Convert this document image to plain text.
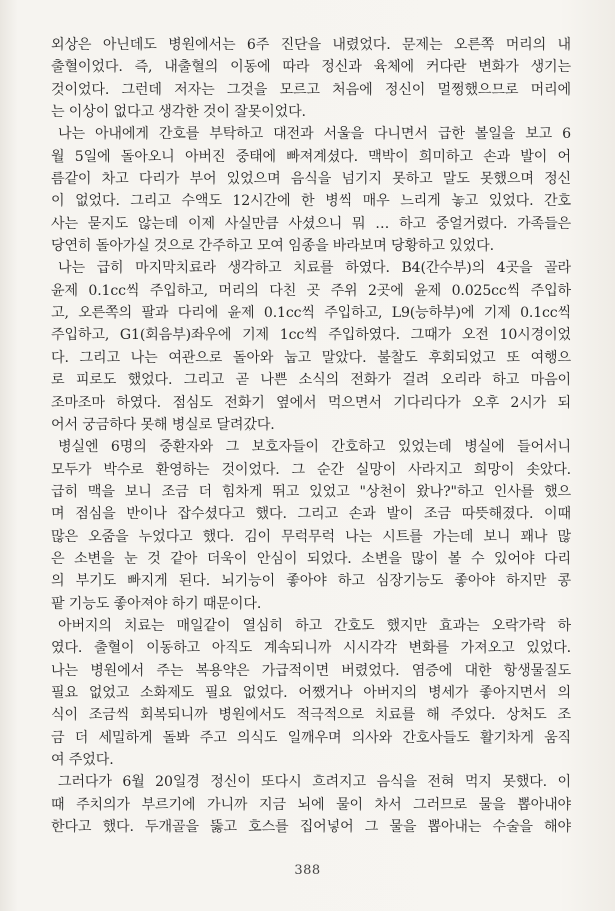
외상은 아닌데도 병원에서는 6주 진단을 내렸었다. 문제는 오른쪽 머리의 내
출혈이었다. 즉, 내출혈의 이동에 따라 정신과 육체에 커다란 변화가 생기는
것이었다. 그런데 저자는 그것을 모르고 처음에 정신이 멀쩡했으므로 머리에
는 이상이 없다고 생각한 것이 잘못이었다.
나는 아내에게 간호를 부탁하고 대전과 서울을 다니면서 급한 볼일을 보고 6
월 5일에 돌아오니 아버진 중태에 빠져계셨다. 맥박이 희미하고 손과 발이 어
름같이 차고 다리가 부어 있었으며 음식을 넘기지 못하고 말도 못했으며 정신
이 없었다. 그리고 수액도 12시간에 한 병씩 매우 느리게 놓고 있었다. 간호
사는 묻지도 않는데 이제 사실만큼 사셨으니 뭐 … 하고 중얼거렸다. 가족들은
당연히 돌아가실 것으로 간주하고 모여 임종을 바라보며 당황하고 있었다.
나는 급히 마지막치료라 생각하고 치료를 하였다. B4(간수부)의 4곳을 골라
윤제 0.1cc씩 주입하고, 머리의 다친 곳 주위 2곳에 윤제 0.025cc씩 주입하
고, 오른쪽의 팔과 다리에 윤제 0.1cc씩 주입하고, L9(능하부)에 기제 0.1cc씩
주입하고, G1(회음부)좌우에 기제 1cc씩 주입하였다. 그때가 오전 10시경이었
다. 그리고 나는 여관으로 돌아와 눕고 말았다. 불찰도 후회되었고 또 여행으
로 피로도 했었다. 그리고 곧 나쁜 소식의 전화가 걸려 오리라 하고 마음이
조마조마 하였다. 점심도 전화기 옆에서 먹으면서 기다리다가 오후 2시가 되
어서 궁금하다 못해 병실로 달려갔다.
병실엔 6명의 중환자와 그 보호자들이 간호하고 있었는데 병실에 들어서니
모두가 박수로 환영하는 것이었다. 그 순간 실망이 사라지고 희망이 솟았다.
급히 맥을 보니 조금 더 힘차게 뛰고 있었고 "상천이 왔나?"하고 인사를 했으
며 점심을 반이나 잡수셨다고 했다. 그리고 손과 발이 조금 따뜻해졌다. 이때
많은 오줌을 누었다고 했다. 김이 무럭무럭 나는 시트를 가는데 보니 꽤나 많
은 소변을 눈 것 같아 더욱이 안심이 되었다. 소변을 많이 볼 수 있어야 다리
의 부기도 빠지게 된다. 뇌기능이 좋아야 하고 심장기능도 좋아야 하지만 콩
팥 기능도 좋아져야 하기 때문이다.
아버지의 치료는 매일같이 열심히 하고 간호도 했지만 효과는 오락가락 하
였다. 출혈이 이동하고 아직도 계속되니까 시시각각 변화를 가져오고 있었다.
나는 병원에서 주는 복용약은 가급적이면 버렸었다. 염증에 대한 항생물질도
필요 없었고 소화제도 필요 없었다. 어쨌거나 아버지의 병세가 좋아지면서 의
식이 조금씩 회복되니까 병원에서도 적극적으로 치료를 해 주었다. 상처도 조
금 더 세밀하게 돌봐 주고 의식도 일깨우며 의사와 간호사들도 활기차게 움직
여 주었다.
그러다가 6월 20일경 정신이 또다시 흐려지고 음식을 전혀 먹지 못했다. 이
때 주치의가 부르기에 가니까 지금 뇌에 물이 차서 그러므로 물을 뽑아내야
한다고 했다. 두개골을 뚫고 호스를 집어넣어 그 물을 뽑아내는 수술을 해야
388
